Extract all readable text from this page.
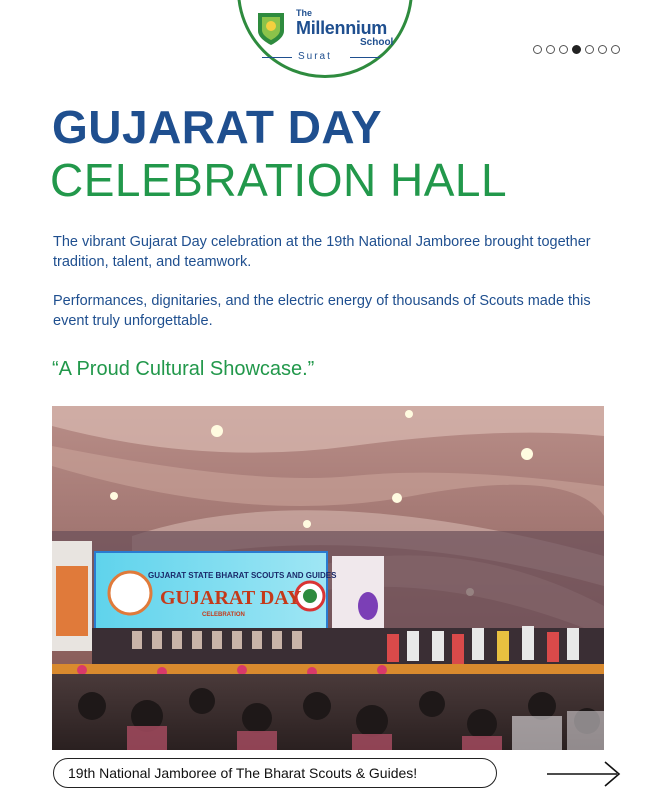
The
Millennium
School
Surat
GUJARAT DAY
CELEBRATION HALL

The vibrant Gujarat Day celebration at the 19th National Jamboree brought together tradition, talent, and teamwork.

Performances, dignitaries, and the electric energy of thousands of Scouts made this event truly unforgettable.

“A Proud Cultural Showcase.”

GUJARAT STATE BHARAT SCOUTS AND GUIDES
GUJARAT DAY
CELEBRATION
19th National Jamboree of The Bharat Scouts & Guides!
